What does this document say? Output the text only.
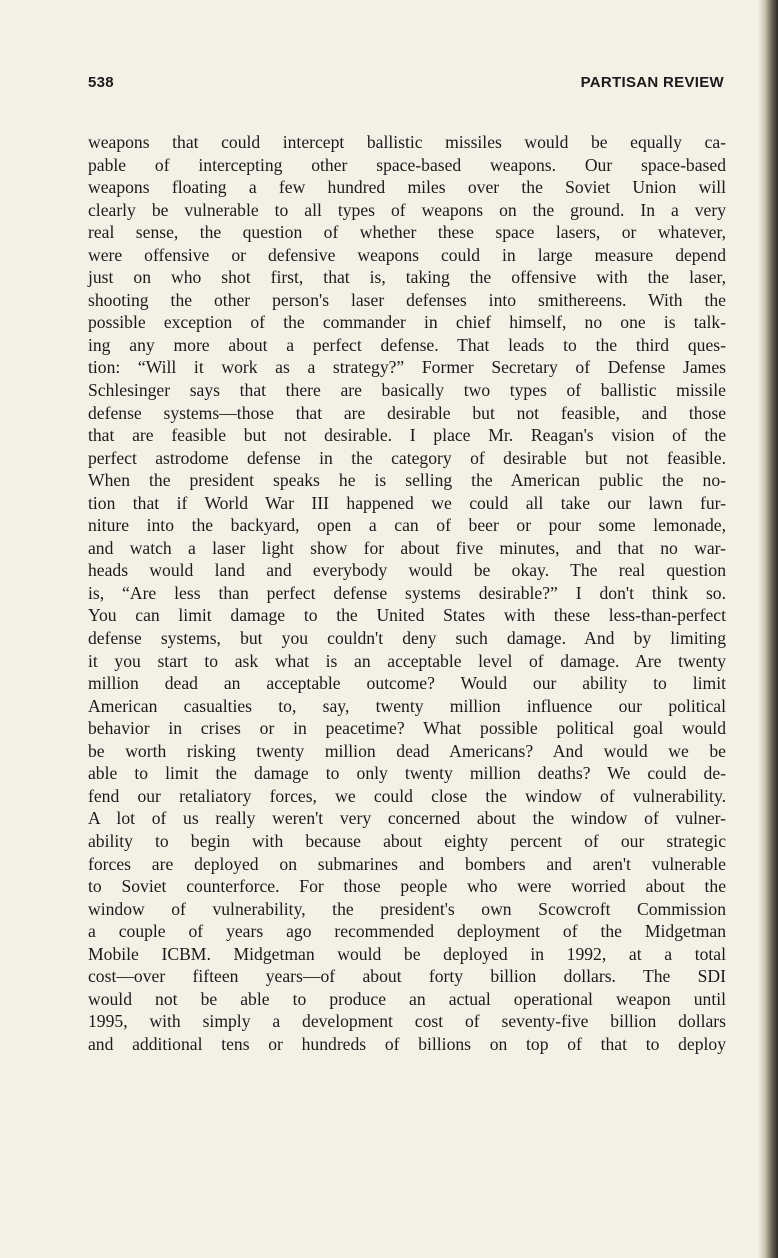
538	PARTISAN REVIEW
weapons that could intercept ballistic missiles would be equally ca-
pable of intercepting other space-based weapons. Our space-based
weapons floating a few hundred miles over the Soviet Union will
clearly be vulnerable to all types of weapons on the ground. In a very
real sense, the question of whether these space lasers, or whatever,
were offensive or defensive weapons could in large measure depend
just on who shot first, that is, taking the offensive with the laser,
shooting the other person's laser defenses into smithereens. With the
possible exception of the commander in chief himself, no one is talk-
ing any more about a perfect defense. That leads to the third ques-
tion: “Will it work as a strategy?” Former Secretary of Defense James
Schlesinger says that there are basically two types of ballistic missile
defense systems—those that are desirable but not feasible, and those
that are feasible but not desirable. I place Mr. Reagan's vision of the
perfect astrodome defense in the category of desirable but not feasible.
When the president speaks he is selling the American public the no-
tion that if World War III happened we could all take our lawn fur-
niture into the backyard, open a can of beer or pour some lemonade,
and watch a laser light show for about five minutes, and that no war-
heads would land and everybody would be okay. The real question
is, “Are less than perfect defense systems desirable?” I don't think so.
You can limit damage to the United States with these less-than-perfect
defense systems, but you couldn't deny such damage. And by limiting
it you start to ask what is an acceptable level of damage. Are twenty
million dead an acceptable outcome? Would our ability to limit
American casualties to, say, twenty million influence our political
behavior in crises or in peacetime? What possible political goal would
be worth risking twenty million dead Americans? And would we be
able to limit the damage to only twenty million deaths? We could de-
fend our retaliatory forces, we could close the window of vulnerability.
A lot of us really weren't very concerned about the window of vulner-
ability to begin with because about eighty percent of our strategic
forces are deployed on submarines and bombers and aren't vulnerable
to Soviet counterforce. For those people who were worried about the
window of vulnerability, the president's own Scowcroft Commission
a couple of years ago recommended deployment of the Midgetman
Mobile ICBM. Midgetman would be deployed in 1992, at a total
cost—over fifteen years—of about forty billion dollars. The SDI
would not be able to produce an actual operational weapon until
1995, with simply a development cost of seventy-five billion dollars
and additional tens or hundreds of billions on top of that to deploy
